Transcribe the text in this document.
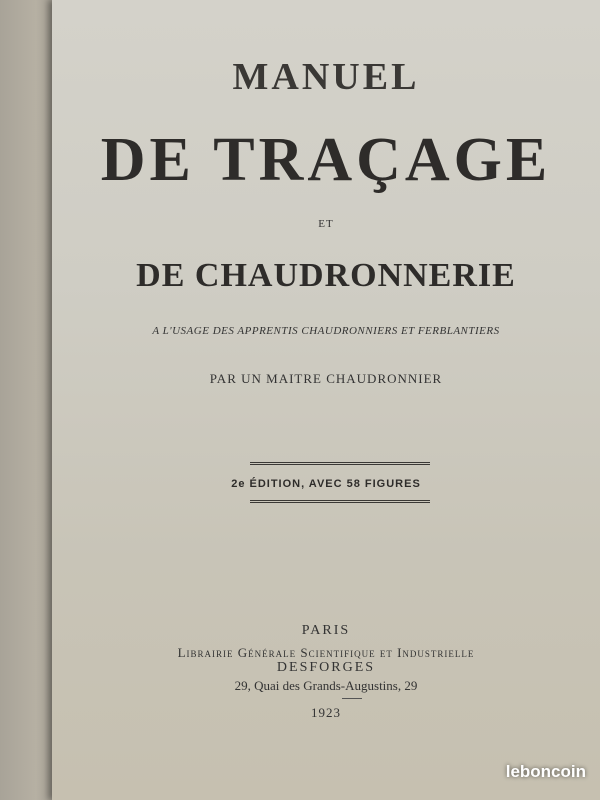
MANUEL
DE TRAÇAGE
ET
DE CHAUDRONNERIE
A L'USAGE DES APPRENTIS CHAUDRONNIERS ET FERBLANTIERS
PAR UN MAITRE CHAUDRONNIER
2e ÉDITION, AVEC 58 FIGURES
PARIS
Librairie Générale Scientifique et Industrielle
DESFORGES
29, Quai des Grands-Augustins, 29
1923
leboncoin
